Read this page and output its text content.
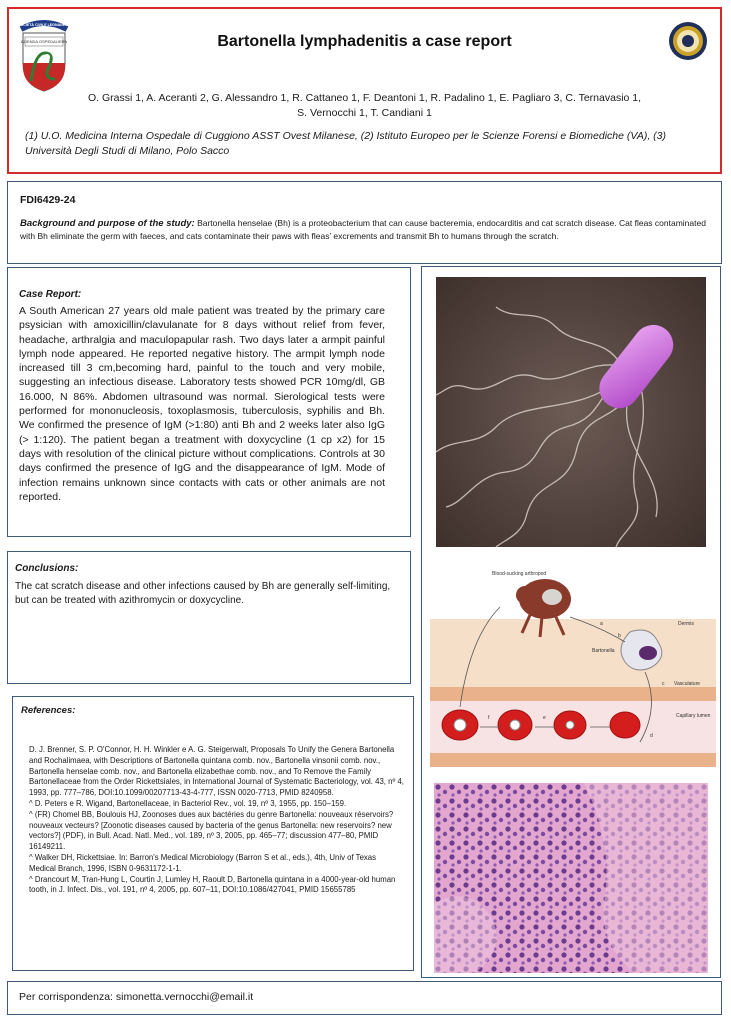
SOCIETÀ CIVILE LEGNANESE
AZIENDA OSPEDALIERA	Bartonella lymphadenitis a case report
O. Grassi 1, A. Aceranti 2, G. Alessandro 1, R. Cattaneo 1, F. Deantoni 1, R. Padalino 1, E. Pagliaro 3, C. Ternavasio 1,
S. Vernocchi 1, T. Candiani 1
(1) U.O. Medicina Interna Ospedale di Cuggiono ASST Ovest Milanese, (2) Istituto Europeo per le Scienze Forensi e Biomediche (VA), (3) Università Degli Studi di Milano, Polo Sacco
FDI6429-24
Background and purpose of the study: Bartonella henselae (Bh) is a proteobacterium that can cause bacteremia, endocarditis and cat scratch disease. Cat fleas contaminated with Bh eliminate the germ with faeces, and cats contaminate their paws with fleas’ excrements and transmit Bh to humans through the scratch.
Case Report:
A South American 27 years old male patient was treated by the primary care psysician with amoxicillin/clavulanate for 8 days without relief from fever, headache, arthralgia and maculopapular rash. Two days later a armpit painful lymph node appeared. He reported negative history. The armpit lymph node increased till 3 cm,becoming hard, painful to the touch and very mobile, suggesting an infectious disease. Laboratory tests showed PCR 10mg/dl, GB 16.000, N 86%. Abdomen ultrasound was normal. Sierological tests were performed for mononucleosis, toxoplasmosis, tuberculosis, syphilis and Bh. We confirmed the presence of IgM (>1:80) anti Bh and 2 weeks later also IgG (> 1:120). The patient began a treatment with doxycycline (1 cp x2) for 15 days with resolution of the clinical picture without complications. Controls at 30 days confirmed the presence of IgG and the disappearance of IgM. Mode of infection remains unknown since contacts with cats or other animals are not reported.
Conclusions:
The cat scratch disease and other infections caused by Bh are generally self-limiting, but can be treated with azithromycin or doxycycline.
References:
D. J. Brenner, S. P. O'Connor, H. H. Winkler e A. G. Steigerwalt, Proposals To Unify the Genera Bartonella and Rochalimaea, with Descriptions of Bartonella quintana comb. nov., Bartonella vinsonii comb. nov., Bartonella henselae comb. nov., and Bartonella elizabethae comb. nov., and To Remove the Family Bartonellaceae from the Order Rickettsiales, in International Journal of Systematic Bacteriology, vol. 43, nº 4, 1993, pp. 777–786, DOI:10.1099/00207713-43-4-777, ISSN 0020-7713, PMID 8240958.
^ D. Peters e R. Wigand, Bartonellaceae, in Bacteriol Rev., vol. 19, nº 3, 1955, pp. 150–159.
^ (FR) Chomel BB, Boulouis HJ, Zoonoses dues aux bactéries du genre Bartonella: nouveaux réservoirs? nouveaux vecteurs? [Zoonotic diseases caused by bacteria of the genus Bartonella: new reservoirs? new vectors?] (PDF), in Bull. Acad. Natl. Med., vol. 189, nº 3, 2005, pp. 465–77; discussion 477–80, PMID 16149211.
^ Walker DH, Rickettsiae. In: Barron's Medical Microbiology (Barron S et al., eds.), 4th, Univ of Texas Medical Branch, 1996, ISBN 0-9631172-1-1.
^ Drancourt M, Tran-Hung L, Courtin J, Lumley H, Raoult D, Bartonella quintana in a 4000-year-old human tooth, in J. Infect. Dis., vol. 191, nº 4, 2005, pp. 607–11, DOI:10.1086/427041, PMID 15655785
Blood-sucking arthropod
Dermis
Bartonella
Vasculature
Capillary lumen
a
b
c
d
e
f
Per corrispondenza: simonetta.vernocchi@email.it
